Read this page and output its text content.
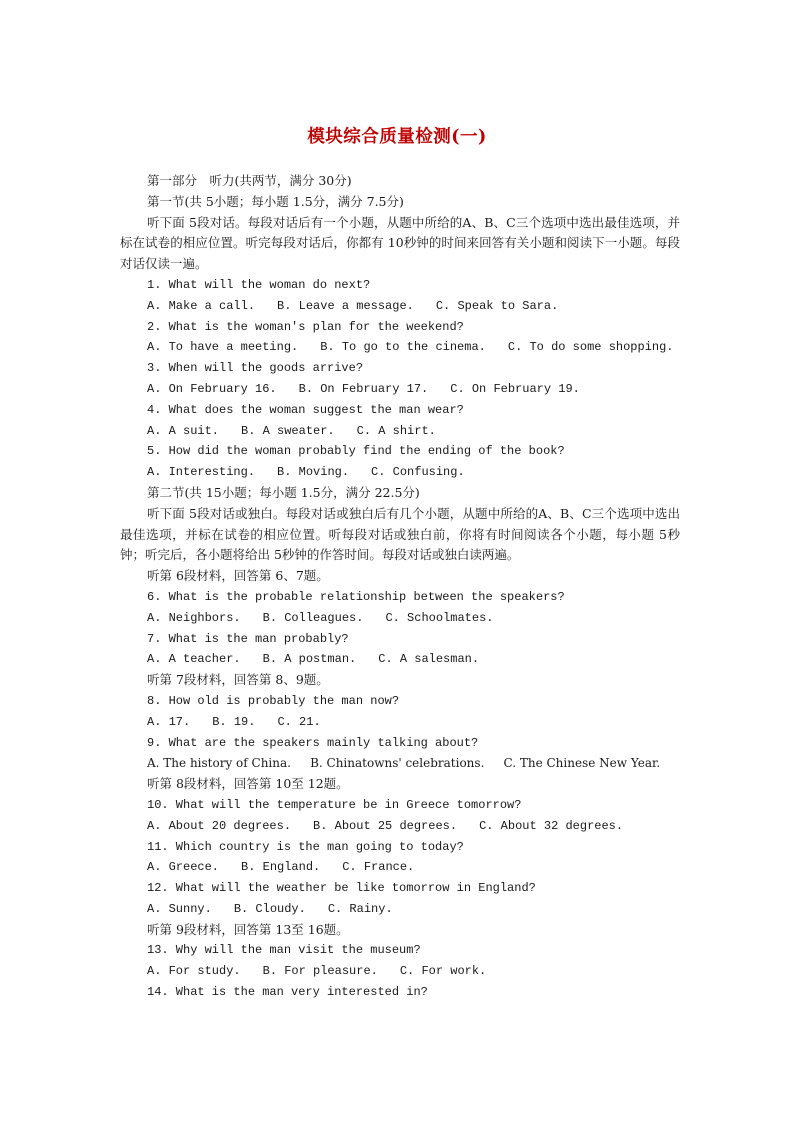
模块综合质量检测(一)
第一部分　听力(共两节，满分 30分)
第一节(共 5小题；每小题 1.5分，满分 7.5分)
听下面 5段对话。每段对话后有一个小题，从题中所给的A、B、C三个选项中选出最佳选项，并标在试卷的相应位置。听完每段对话后，你都有 10秒钟的时间来回答有关小题和阅读下一小题。每段对话仅读一遍。
1. What will the woman do next?
A. Make a call. B. Leave a message. C. Speak to Sara.
2. What is the woman's plan for the weekend?
A. To have a meeting. B. To go to the cinema. C. To do some shopping.
3. When will the goods arrive?
A. On February 16. B. On February 17. C. On February 19.
4. What does the woman suggest the man wear?
A. A suit. B. A sweater. C. A shirt.
5. How did the woman probably find the ending of the book?
A. Interesting. B. Moving. C. Confusing.
第二节(共 15小题；每小题 1.5分，满分 22.5分)
听下面 5段对话或独白。每段对话或独白后有几个小题，从题中所给的A、B、C三个选项中选出最佳选项，并标在试卷的相应位置。听每段对话或独白前，你将有时间阅读各个小题，每小题 5秒钟；听完后，各小题将给出 5秒钟的作答时间。每段对话或独白读两遍。
听第 6段材料，回答第 6、7题。
6. What is the probable relationship between the speakers?
A. Neighbors. B. Colleagues. C. Schoolmates.
7. What is the man probably?
A. A teacher. B. A postman. C. A salesman.
听第 7段材料，回答第 8、9题。
8. How old is probably the man now?
A. 17. B. 19. C. 21.
9. What are the speakers mainly talking about?
A. The history of China. B. Chinatowns' celebrations. C. The Chinese New Year.
听第 8段材料，回答第 10至 12题。
10. What will the temperature be in Greece tomorrow?
A. About 20 degrees. B. About 25 degrees. C. About 32 degrees.
11. Which country is the man going to today?
A. Greece. B. England. C. France.
12. What will the weather be like tomorrow in England?
A. Sunny. B. Cloudy. C. Rainy.
听第 9段材料，回答第 13至 16题。
13. Why will the man visit the museum?
A. For study. B. For pleasure. C. For work.
14. What is the man very interested in?
